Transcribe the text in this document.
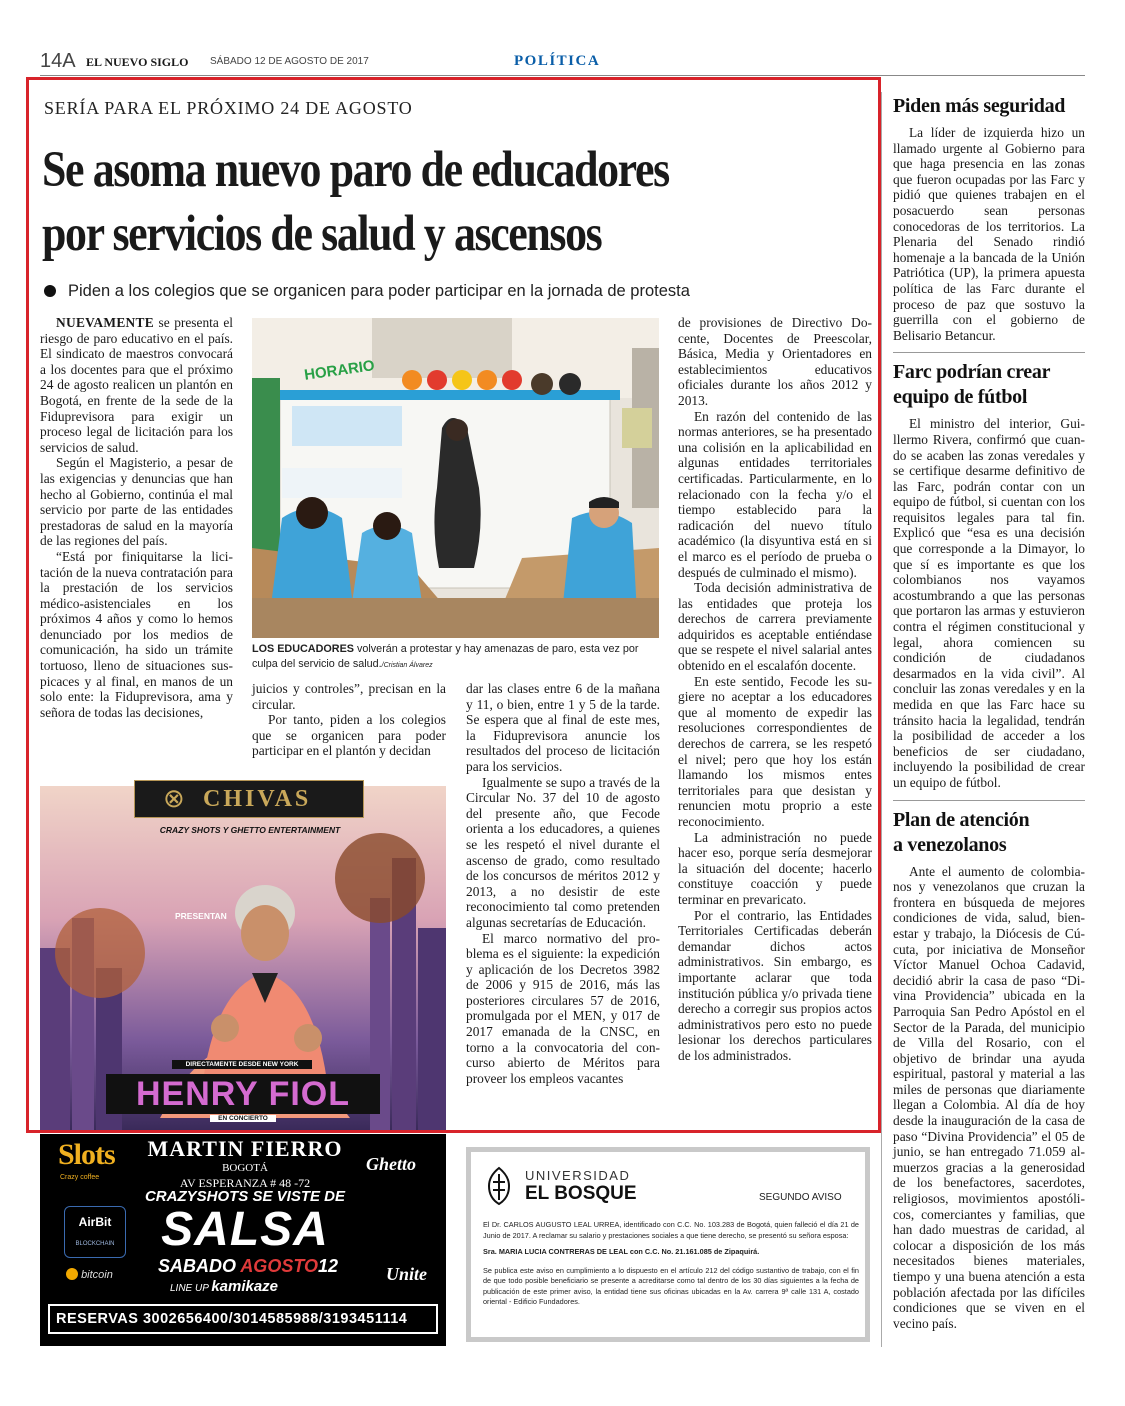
14A EL NUEVO SIGLO SÁBADO 12 DE AGOSTO DE 2017	POLÍTICA
SERÍA PARA EL PRÓXIMO 24 DE AGOSTO
Se asoma nuevo paro de educadores
por servicios de salud y ascensos
Piden a los colegios que se organicen para poder participar en la jornada de protesta

NUEVAMENTE se presenta el riesgo de paro educativo en el país. El sindicato de maestros convocará a los docentes para que el próximo 24 de agosto realicen un plantón en Bogotá, en frente de la sede de la Fiduprevisora para exigir un proceso legal de licitación para los servicios de salud.

Según el Magisterio, a pesar de las exigencias y denuncias que han hecho al Gobierno, continúa el mal servicio por parte de las entidades prestadoras de salud en la mayoría de las regiones del país.

“Está por finiquitarse la licitación de la nueva contratación para la prestación de los servicios médico-asistenciales en los próximos 4 años y como lo hemos denunciado por los medios de comunicación, ha sido un trámite tortuoso, lleno de situaciones suspicaces y al final, en manos de un solo ente: la Fiduprevisora, ama y señora de todas las decisiones,

HORARIO
LOS EDUCADORES volverán a protestar y hay amenazas de paro, esta vez por culpa del servicio de salud./Cristian Álvarez

juicios y controles”, precisan en la circular.

Por tanto, piden a los colegios que se organicen para poder participar en el plantón y decidan

dar las clases entre 6 de la mañana y 11, o bien, entre 1 y 5 de la tarde. Se espera que al final de este mes, la Fiduprevisora anuncie los resultados del proceso de licitación para los servicios.

Igualmente se supo a través de la Circular No. 37 del 10 de agosto del presente año, que Fecode orienta a los educadores, a quienes se les respetó el nivel durante el ascenso de grado, como resultado de los concursos de méritos 2012 y 2013, a no desistir de este reconocimiento tal como pretenden algunas secretarías de Educación.

El marco normativo del problema es el siguiente: la expedición y aplicación de los Decretos 3982 de 2006 y 915 de 2016, más las posteriores circulares 57 de 2016, promulgada por el MEN, y 017 de 2017 emanada de la CNSC, en torno a la convocatoria del concurso abierto de Méritos para proveer los empleos vacantes

de provisiones de Directivo Docente, Docentes de Preescolar, Básica, Media y Orientadores en establecimientos educativos oficiales durante los años 2012 y 2013.

En razón del contenido de las normas anteriores, se ha presentado una colisión en la aplicabilidad en algunas entidades territoriales certificadas. Particularmente, en lo relacionado con la fecha y/o el tiempo establecido para la radicación del nuevo título académico (la disyuntiva está en si el marco es el período de prueba o después de culminado el mismo).

Toda decisión administrativa de las entidades que proteja los derechos de carrera previamente adquiridos es aceptable entiéndase que se respete el nivel salarial antes obtenido en el escalafón docente.

En este sentido, Fecode les sugiere no aceptar a los educadores que al momento de expedir las resoluciones correspondientes de derechos de carrera, se les respetó el nivel; pero que hoy los están llamando los mismos entes territoriales para que desistan y renuncien motu proprio a este reconocimiento.

La administración no puede hacer eso, porque sería desmejorar la situación del docente; hacerlo constituye coacción y puede terminar en prevaricato.

Por el contrario, las Entidades Territoriales Certificadas deberán demandar dichos actos administrativos. Sin embargo, es importante aclarar que toda institución pública y/o privada tiene derecho a corregir sus propios actos administrativos pero esto no puede lesionar los derechos particulares de los administrados.

⊗ CHIVAS
CRAZY SHOTS Y GHETTO ENTERTAINMENT
PRESENTAN
DIRECTAMENTE DESDE NEW YORK
HENRY FIOL
EN CONCIERTO
Slots
Crazy coffee
MARTIN FIERRO
BOGOTÁ
AV ESPERANZA # 48 -72
Ghetto
CRAZYSHOTS SE VISTE DE
SALSA
SABADO AGOSTO12
LINE UP kamikaze
AirBit
BLOCKCHAIN
bitcoin	Unite
RESERVAS 3002656400/3014585988/3193451114
UNIVERSIDAD
EL BOSQUE	SEGUNDO AVISO

El Dr. CARLOS AUGUSTO LEAL URREA, identificado con C.C. No. 103.283 de Bogotá, quien falleció el día 21 de Junio de 2017. A reclamar su salario y prestaciones sociales a que tiene derecho, se presentó su señora esposa:

Sra. MARIA LUCIA CONTRERAS DE LEAL con C.C. No. 21.161.085 de Zipaquirá.

Se publica este aviso en cumplimiento a lo dispuesto en el artículo 212 del código sustantivo de trabajo, con el fin de que todo posible beneficiario se presente a acreditarse como tal dentro de los 30 días siguientes a la fecha de publicación de este primer aviso, la entidad tiene sus oficinas ubicadas en la Av. carrera 9ª calle 131 A, costado oriental - Edificio Fundadores.

Piden más seguridad

La líder de izquierda hizo un llamado urgente al Gobierno para que haga presencia en las zonas que fueron ocupadas por las Farc y pidió que quienes trabajen en el posacuerdo sean personas conocedoras de los territorios. La Plenaria del Senado rindió homenaje a la bancada de la Unión Patriótica (UP), la primera apuesta política de las Farc durante el proceso de paz que sostuvo la guerrilla con el gobierno de Belisario Betancur.

Farc podrían crear
equipo de fútbol

El ministro del interior, Guillermo Rivera, confirmó que cuando se acaben las zonas veredales y se certifique desarme definitivo de las Farc, podrán contar con un equipo de fútbol, si cuentan con los requisitos legales para tal fin. Explicó que “esa es una decisión que corresponde a la Dimayor, lo que sí es importante es que los colombianos nos vayamos acostumbrando a que las personas que portaron las armas y estuvieron contra el régimen constitucional y legal, ahora comiencen su condición de ciudadanos desarmados en la vida civil”. Al concluir las zonas veredales y en la medida en que las Farc hace su tránsito hacia la legalidad, tendrán la posibilidad de acceder a los beneficios de ser ciudadano, incluyendo la posibilidad de crear un equipo de fútbol.

Plan de atención
a venezolanos

Ante el aumento de colombianos y venezolanos que cruzan la frontera en búsqueda de mejores condiciones de vida, salud, bienestar y trabajo, la Diócesis de Cúcuta, por iniciativa de Monseñor Víctor Manuel Ochoa Cadavid, decidió abrir la casa de paso “Divina Providencia” ubicada en la Parroquia San Pedro Apóstol en el Sector de la Parada, del municipio de Villa del Rosario, con el objetivo de brindar una ayuda espiritual, pastoral y material a las miles de personas que diariamente llegan a Colombia. Al día de hoy desde la inauguración de la casa de paso “Divina Providencia” el 05 de junio, se han entregado 71.059 almuerzos gracias a la generosidad de los benefactores, sacerdotes, religiosos, movimientos apostólicos, comerciantes y familias, que han dado muestras de caridad, al colocar a disposición de los más necesitados bienes materiales, tiempo y una buena atención a esta población afectada por las difíciles condiciones que se viven en el vecino país.
